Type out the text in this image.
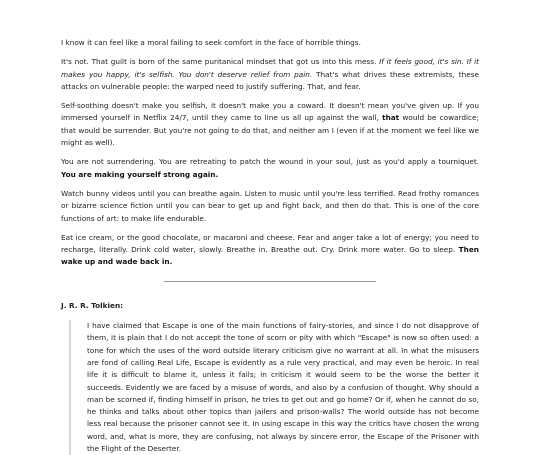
I know it can feel like a moral failing to seek comfort in the face of horrible things.

It's not. That guilt is born of the same puritanical mindset that got us into this mess. If it feels good, it's sin. If it makes you happy, it's selfish. You don't deserve relief from pain. That's what drives these extremists, these attacks on vulnerable people: the warped need to justify suffering. That, and fear.

Self-soothing doesn't make you selfish, it doesn't make you a coward. It doesn't mean you've given up. If you immersed yourself in Netflix 24/7, until they came to line us all up against the wall, that would be cowardice; that would be surrender. But you're not going to do that, and neither am I (even if at the moment we feel like we might as well).

You are not surrendering. You are retreating to patch the wound in your soul, just as you'd apply a tourniquet. You are making yourself strong again.

Watch bunny videos until you can breathe again. Listen to music until you're less terrified. Read frothy romances or bizarre science fiction until you can bear to get up and fight back, and then do that. This is one of the core functions of art: to make life endurable.

Eat ice cream, or the good chocolate, or macaroni and cheese. Fear and anger take a lot of energy; you need to recharge, literally. Drink cold water, slowly. Breathe in. Breathe out. Cry. Drink more water. Go to sleep. Then wake up and wade back in.

J. R. R. Tolkien:

I have claimed that Escape is one of the main functions of fairy-stories, and since I do not disapprove of them, it is plain that I do not accept the tone of scorn or pity with which "Escape" is now so often used: a tone for which the uses of the word outside literary criticism give no warrant at all. In what the misusers are fond of calling Real Life, Escape is evidently as a rule very practical, and may even be heroic. In real life it is difficult to blame it, unless it fails; in criticism it would seem to be the worse the better it succeeds. Evidently we are faced by a misuse of words, and also by a confusion of thought. Why should a man be scorned if, finding himself in prison, he tries to get out and go home? Or if, when he cannot do so, he thinks and talks about other topics than jailers and prison-walls? The world outside has not become less real because the prisoner cannot see it. In using escape in this way the critics have chosen the wrong word, and, what is more, they are confusing, not always by sincere error, the Escape of the Prisoner with the Flight of the Deserter.
